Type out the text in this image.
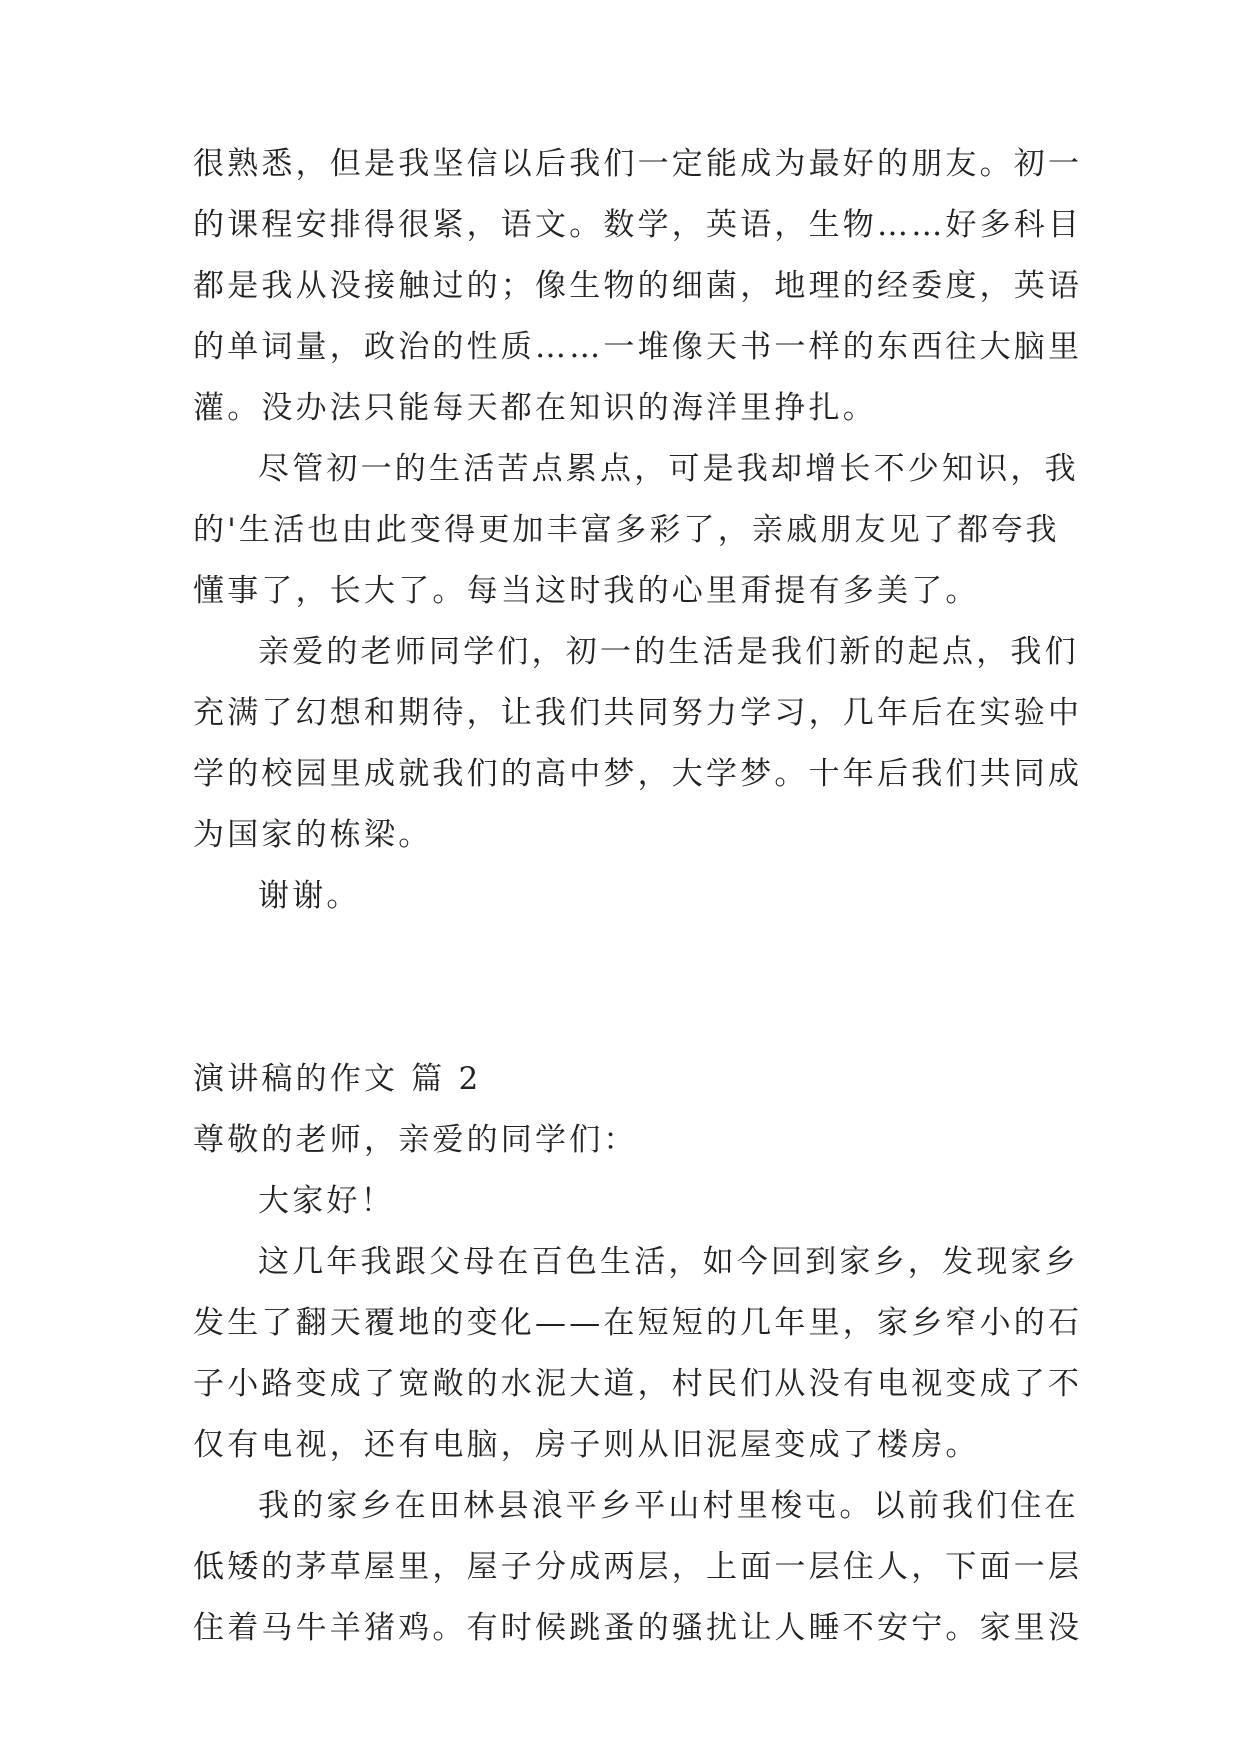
很熟悉，但是我坚信以后我们一定能成为最好的朋友。初一
的课程安排得很紧，语文。数学，英语，生物……好多科目
都是我从没接触过的；像生物的细菌，地理的经委度，英语
的单词量，政治的性质……一堆像天书一样的东西往大脑里
灌。没办法只能每天都在知识的海洋里挣扎。
尽管初一的生活苦点累点，可是我却增长不少知识，我
的'生活也由此变得更加丰富多彩了，亲戚朋友见了都夸我
懂事了，长大了。每当这时我的心里甭提有多美了。
亲爱的老师同学们，初一的生活是我们新的起点，我们
充满了幻想和期待，让我们共同努力学习，几年后在实验中
学的校园里成就我们的高中梦，大学梦。十年后我们共同成
为国家的栋梁。
谢谢。
演讲稿的作文 篇 2
尊敬的老师，亲爱的同学们：
大家好！
这几年我跟父母在百色生活，如今回到家乡，发现家乡
发生了翻天覆地的变化——在短短的几年里，家乡窄小的石
子小路变成了宽敞的水泥大道，村民们从没有电视变成了不
仅有电视，还有电脑，房子则从旧泥屋变成了楼房。
我的家乡在田林县浪平乡平山村里梭屯。以前我们住在
低矮的茅草屋里，屋子分成两层，上面一层住人，下面一层
住着马牛羊猪鸡。有时候跳蚤的骚扰让人睡不安宁。家里没
